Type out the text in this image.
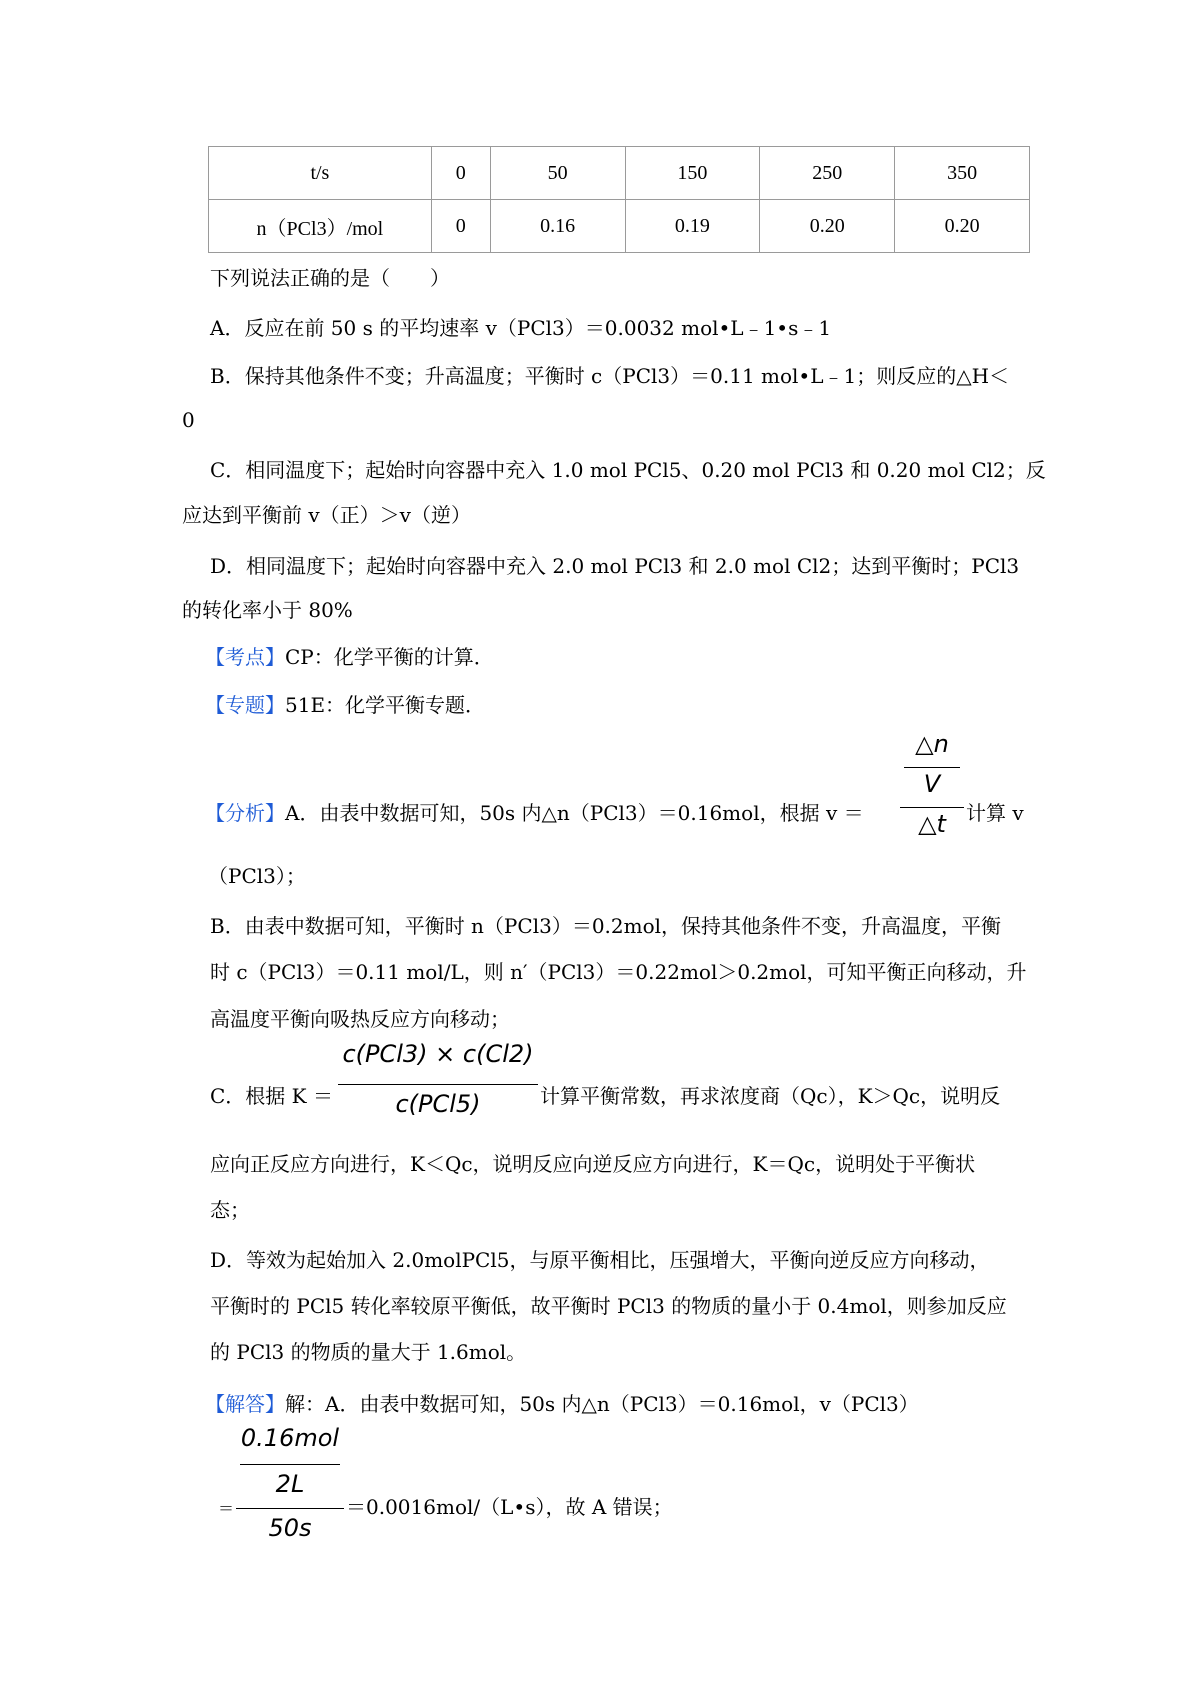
t/s	0	50	150	250	350
n（PCl3）/mol	0	0.16	0.19	0.20	0.20
下列说法正确的是（　　）
A．反应在前 50 s 的平均速率 v（PCl3）＝0.0032 mol•L﹣1•s﹣1
B．保持其他条件不变；升高温度；平衡时 c（PCl3）＝0.11 mol•L﹣1；则反应的△H＜
0
C．相同温度下；起始时向容器中充入 1.0 mol PCl5、0.20 mol PCl3 和 0.20 mol Cl2；反
应达到平衡前 v（正）＞v（逆）
D．相同温度下；起始时向容器中充入 2.0 mol PCl3 和 2.0 mol Cl2；达到平衡时；PCl3
的转化率小于 80%
【考点】CP：化学平衡的计算．
【专题】51E：化学平衡专题．
【分析】A．由表中数据可知，50s 内△n（PCl3）＝0.16mol，根据 v ＝
△n
V
△t	计算 v
（PCl3）；
B．由表中数据可知，平衡时 n（PCl3）＝0.2mol，保持其他条件不变，升高温度，平衡
时 c（PCl3）＝0.11 mol/L，则 n′（PCl3）＝0.22mol＞0.2mol，可知平衡正向移动，升
高温度平衡向吸热反应方向移动；
C．根据 K ＝
c(PCl3) × c(Cl2)
c(PCl5)	计算平衡常数，再求浓度商（Qc），K＞Qc，说明反
应向正反应方向进行，K＜Qc，说明反应向逆反应方向进行，K＝Qc，说明处于平衡状
态；
D．等效为起始加入 2.0molPCl5，与原平衡相比，压强增大，平衡向逆反应方向移动，
平衡时的 PCl5 转化率较原平衡低，故平衡时 PCl3 的物质的量小于 0.4mol，则参加反应
的 PCl3 的物质的量大于 1.6mol。
【解答】解：A．由表中数据可知，50s 内△n（PCl3）＝0.16mol，v（PCl3）
0.16mol
2L
50s
＝	＝0.0016mol/（L•s），故 A 错误；
